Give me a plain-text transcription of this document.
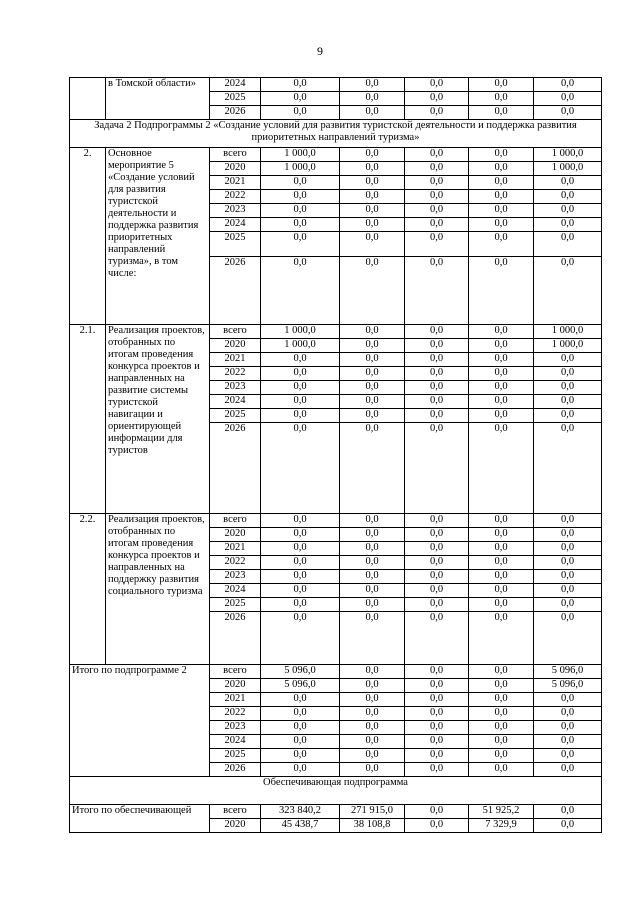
9
	в Томской области»	2024	0,0	0,0	0,0	0,0	0,0
		2025	0,0	0,0	0,0	0,0	0,0
		2026	0,0	0,0	0,0	0,0	0,0
Задача 2 Подпрограммы 2 «Создание условий для развития туристской деятельности и поддержка развития приоритетных направлений туризма»							
2.	Основное мероприятие 5 «Создание условий для развития туристской деятельности и поддержка развития приоритетных направлений туризма», в том числе:	всего	1 000,0	0,0	0,0	0,0	1 000,0
		2020	1 000,0	0,0	0,0	0,0	1 000,0
		2021	0,0	0,0	0,0	0,0	0,0
		2022	0,0	0,0	0,0	0,0	0,0
		2023	0,0	0,0	0,0	0,0	0,0
		2024	0,0	0,0	0,0	0,0	0,0
		2025	0,0	0,0	0,0	0,0	0,0
		2026	0,0	0,0	0,0	0,0	0,0
2.1.	Реализация проектов, отобранных по итогам проведения конкурса проектов и направленных на развитие системы туристской навигации и ориентирующей информации для туристов	всего	1 000,0	0,0	0,0	0,0	1 000,0
		2020	1 000,0	0,0	0,0	0,0	1 000,0
		2021	0,0	0,0	0,0	0,0	0,0
		2022	0,0	0,0	0,0	0,0	0,0
		2023	0,0	0,0	0,0	0,0	0,0
		2024	0,0	0,0	0,0	0,0	0,0
		2025	0,0	0,0	0,0	0,0	0,0
		2026	0,0	0,0	0,0	0,0	0,0
2.2.	Реализация проектов, отобранных по итогам проведения конкурса проектов и направленных на поддержку развития социального туризма	всего	0,0	0,0	0,0	0,0	0,0
		2020	0,0	0,0	0,0	0,0	0,0
		2021	0,0	0,0	0,0	0,0	0,0
		2022	0,0	0,0	0,0	0,0	0,0
		2023	0,0	0,0	0,0	0,0	0,0
		2024	0,0	0,0	0,0	0,0	0,0
		2025	0,0	0,0	0,0	0,0	0,0
		2026	0,0	0,0	0,0	0,0	0,0
Итого по подпрограмме 2		всего	5 096,0	0,0	0,0	0,0	5 096,0
		2020	5 096,0	0,0	0,0	0,0	5 096,0
		2021	0,0	0,0	0,0	0,0	0,0
		2022	0,0	0,0	0,0	0,0	0,0
		2023	0,0	0,0	0,0	0,0	0,0
		2024	0,0	0,0	0,0	0,0	0,0
		2025	0,0	0,0	0,0	0,0	0,0
		2026	0,0	0,0	0,0	0,0	0,0
Обеспечивающая подпрограмма							
Итого по обеспечивающей		всего	323 840,2	271 915,0	0,0	51 925,2	0,0
		2020	45 438,7	38 108,8	0,0	7 329,9	0,0
